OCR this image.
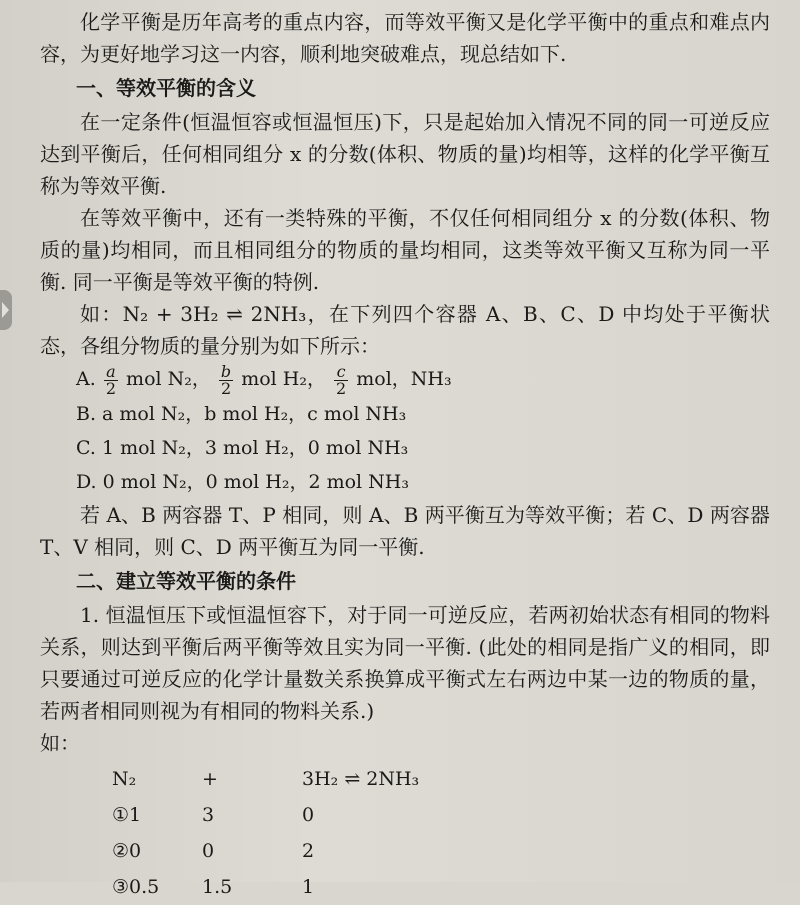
化学平衡是历年高考的重点内容，而等效平衡又是化学平衡中的重点和难点内容，为更好地学习这一内容，顺利地突破难点，现总结如下.

一、等效平衡的含义

在一定条件(恒温恒容或恒温恒压)下，只是起始加入情况不同的同一可逆反应达到平衡后，任何相同组分 x 的分数(体积、物质的量)均相等，这样的化学平衡互称为等效平衡.

在等效平衡中，还有一类特殊的平衡，不仅任何相同组分 x 的分数(体积、物质的量)均相同，而且相同组分的物质的量均相同，这类等效平衡又互称为同一平衡. 同一平衡是等效平衡的特例.

如：N₂ + 3H₂ ⇌ 2NH₃，在下列四个容器 A、B、C、D 中均处于平衡状态，各组分物质的量分别为如下所示：

A. $\frac{a}{2}$ mol N₂， $\frac{b}{2}$ mol H₂， $\frac{c}{2}$ mol，NH₃
B. a mol N₂，b mol H₂，c mol NH₃
C. 1 mol N₂，3 mol H₂，0 mol NH₃
D. 0 mol N₂，0 mol H₂，2 mol NH₃

若 A、B 两容器 T、P 相同，则 A、B 两平衡互为等效平衡；若 C、D 两容器 T、V 相同，则 C、D 两平衡互为同一平衡.

二、建立等效平衡的条件

1. 恒温恒压下或恒温恒容下，对于同一可逆反应，若两初始状态有相同的物料关系，则达到平衡后两平衡等效且实为同一平衡. (此处的相同是指广义的相同，即只要通过可逆反应的化学计量数关系换算成平衡式左右两边中某一边的物质的量，若两者相同则视为有相同的物料关系.)

如：

N₂	+	3H₂ ⇌ 2NH₃
①1	3	0
②0	0	2
③0.5	1.5	1
